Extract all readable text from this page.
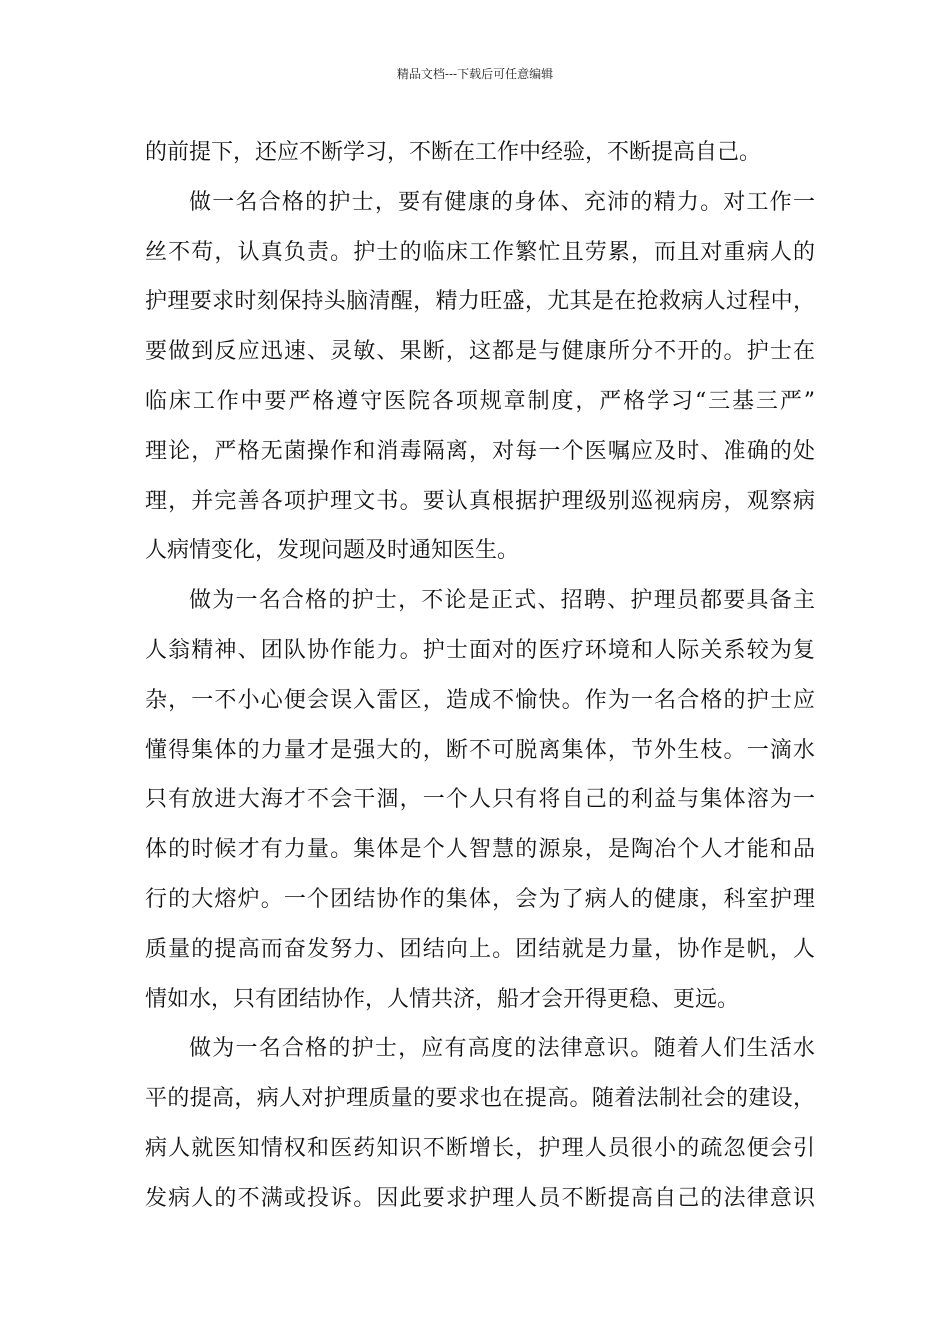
精品文档---下载后可任意编辑
的前提下，还应不断学习，不断在工作中经验，不断提高自己。
做一名合格的护士，要有健康的身体、充沛的精力。对工作一
丝不苟，认真负责。护士的临床工作繁忙且劳累，而且对重病人的
护理要求时刻保持头脑清醒，精力旺盛，尤其是在抢救病人过程中，
要做到反应迅速、灵敏、果断，这都是与健康所分不开的。护士在
临床工作中要严格遵守医院各项规章制度，严格学习“三基三严”
理论，严格无菌操作和消毒隔离，对每一个医嘱应及时、准确的处
理，并完善各项护理文书。要认真根据护理级别巡视病房，观察病
人病情变化，发现问题及时通知医生。
做为一名合格的护士，不论是正式、招聘、护理员都要具备主
人翁精神、团队协作能力。护士面对的医疗环境和人际关系较为复
杂，一不小心便会误入雷区，造成不愉快。作为一名合格的护士应
懂得集体的力量才是强大的，断不可脱离集体，节外生枝。一滴水
只有放进大海才不会干涸，一个人只有将自己的利益与集体溶为一
体的时候才有力量。集体是个人智慧的源泉，是陶冶个人才能和品
行的大熔炉。一个团结协作的集体，会为了病人的健康，科室护理
质量的提高而奋发努力、团结向上。团结就是力量，协作是帆，人
情如水，只有团结协作，人情共济，船才会开得更稳、更远。
做为一名合格的护士，应有高度的法律意识。随着人们生活水
平的提高，病人对护理质量的要求也在提高。随着法制社会的建设，
病人就医知情权和医药知识不断增长，护理人员很小的疏忽便会引
发病人的不满或投诉。因此要求护理人员不断提高自己的法律意识
